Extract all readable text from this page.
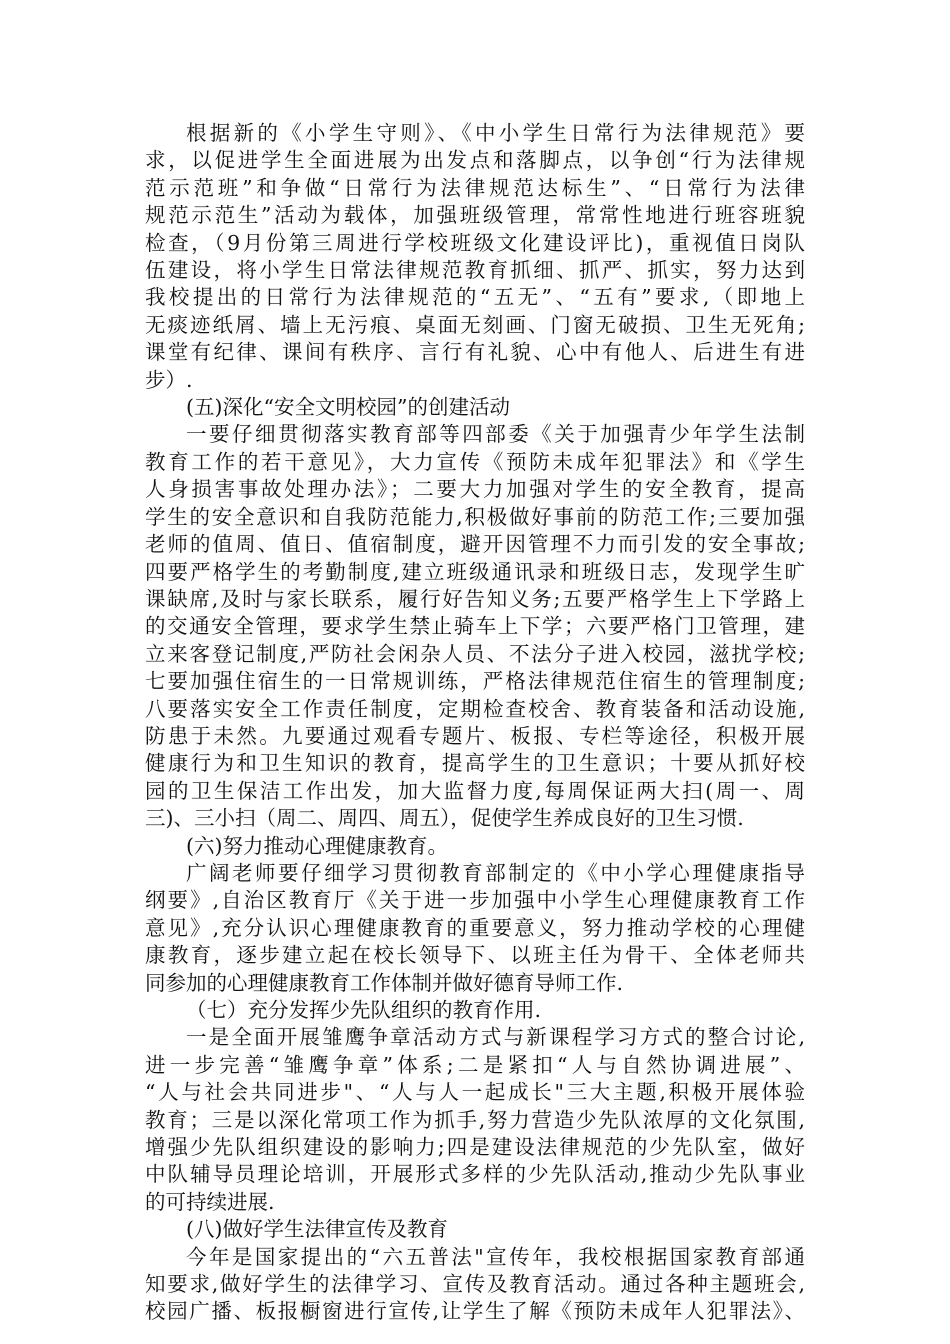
根据新的《小学生守则》、《中小学生日常行为法律规范》要
求，以促进学生全面进展为出发点和落脚点，以争创“行为法律规
范示范班”和争做“日常行为法律规范达标生”、“日常行为法律
规范示范生”活动为载体，加强班级管理，常常性地进行班容班貌
检查，（9月份第三周进行学校班级文化建设评比)，重视值日岗队
伍建设，将小学生日常法律规范教育抓细、抓严、抓实，努力达到
我校提出的日常行为法律规范的“五无”、“五有”要求,（即地上
无痰迹纸屑、墙上无污痕、桌面无刻画、门窗无破损、卫生无死角;
课堂有纪律、课间有秩序、言行有礼貌、心中有他人、后进生有进
步）.
(五)深化“安全文明校园”的创建活动
一要仔细贯彻落实教育部等四部委《关于加强青少年学生法制
教育工作的若干意见》，大力宣传《预防未成年犯罪法》和《学生
人身损害事故处理办法》；二要大力加强对学生的安全教育，提高
学生的安全意识和自我防范能力,积极做好事前的防范工作;三要加强
老师的值周、值日、值宿制度，避开因管理不力而引发的安全事故;
四要严格学生的考勤制度,建立班级通讯录和班级日志，发现学生旷
课缺席,及时与家长联系，履行好告知义务;五要严格学生上下学路上
的交通安全管理，要求学生禁止骑车上下学；六要严格门卫管理，建
立来客登记制度,严防社会闲杂人员、不法分子进入校园，滋扰学校;
七要加强住宿生的一日常规训练，严格法律规范住宿生的管理制度;
八要落实安全工作责任制度，定期检查校舍、教育装备和活动设施,
防患于未然。九要通过观看专题片、板报、专栏等途径，积极开展
健康行为和卫生知识的教育，提高学生的卫生意识；十要从抓好校
园的卫生保洁工作出发，加大监督力度,每周保证两大扫(周一、周
三)、三小扫（周二、周四、周五），促使学生养成良好的卫生习惯.
(六)努力推动心理健康教育。
广阔老师要仔细学习贯彻教育部制定的《中小学心理健康指导
纲要》,自治区教育厅《关于进一步加强中小学生心理健康教育工作
意见》,充分认识心理健康教育的重要意义，努力推动学校的心理健
康教育，逐步建立起在校长领导下、以班主任为骨干、全体老师共
同参加的心理健康教育工作体制并做好德育导师工作.
（七）充分发挥少先队组织的教育作用.
一是全面开展雏鹰争章活动方式与新课程学习方式的整合讨论,
进一步完善“雏鹰争章”体系;二是紧扣“人与自然协调进展”、
“人与社会共同进步"、“人与人一起成长"三大主题,积极开展体验
教育；三是以深化常项工作为抓手,努力营造少先队浓厚的文化氛围,
增强少先队组织建设的影响力;四是建设法律规范的少先队室，做好
中队辅导员理论培训，开展形式多样的少先队活动,推动少先队事业
的可持续进展.
(八)做好学生法律宣传及教育
今年是国家提出的“六五普法"宣传年，我校根据国家教育部通
知要求,做好学生的法律学习、宣传及教育活动。通过各种主题班会,
校园广播、板报橱窗进行宣传,让学生了解《预防未成年人犯罪法》、
